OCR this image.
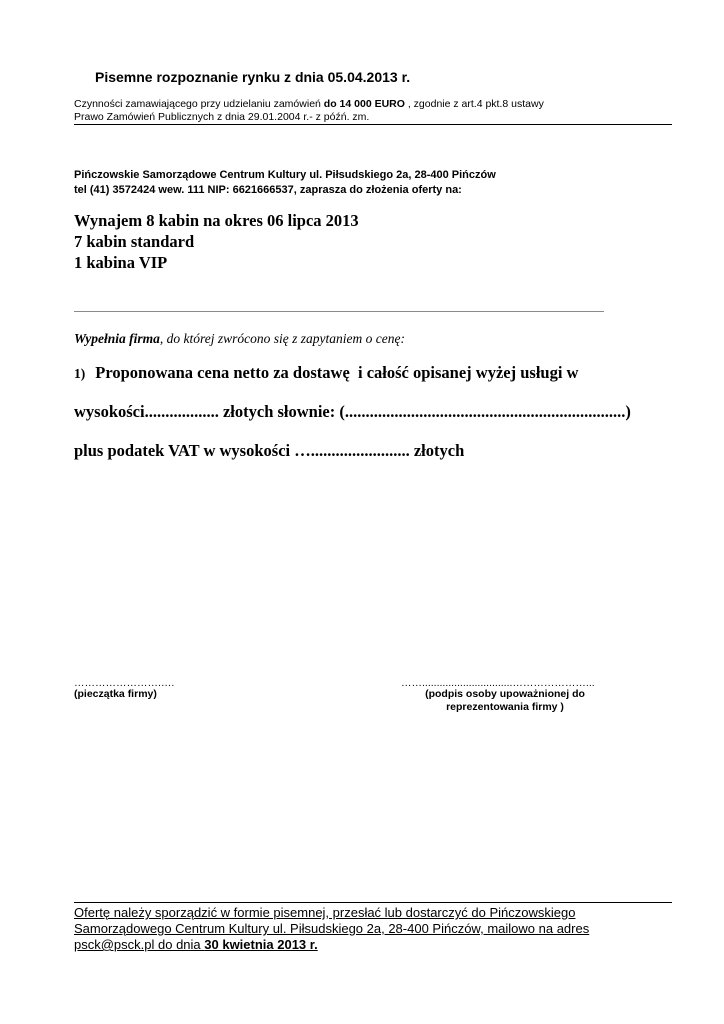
Pisemne rozpoznanie rynku z dnia 05.04.2013 r.
Czynności zamawiającego przy udzielaniu zamówień do 14 000 EURO , zgodnie z art.4 pkt.8 ustawy
Prawo Zamówień Publicznych z dnia 29.01.2004 r.- z późń. zm.
Pińczowskie Samorządowe Centrum Kultury ul. Piłsudskiego 2a, 28-400 Pińczów
tel (41) 3572424 wew. 111 NIP: 6621666537, zaprasza do złożenia oferty na:
Wynajem 8 kabin na okres 06 lipca 2013
7 kabin standard
1 kabina VIP
Wypełnia firma, do której zwrócono się z zapytaniem o cenę:
1) Proponowana cena netto za dostawę  i całość opisanej wyżej usługi w
wysokości.................. złotych słownie: (....................................................................)
plus podatek VAT w wysokości …........................ złotych
…………………….….
(pieczątka firmy)
……...............................…………………...
(podpis osoby upoważnionej do
reprezentowania firmy )
Ofertę należy sporządzić w formie pisemnej, przesłać lub dostarczyć do Pińczowskiego
Samorządowego Centrum Kultury ul. Piłsudskiego 2a, 28-400 Pińczów, mailowo na adres
psck@psck.pl do dnia 30 kwietnia 2013 r.
